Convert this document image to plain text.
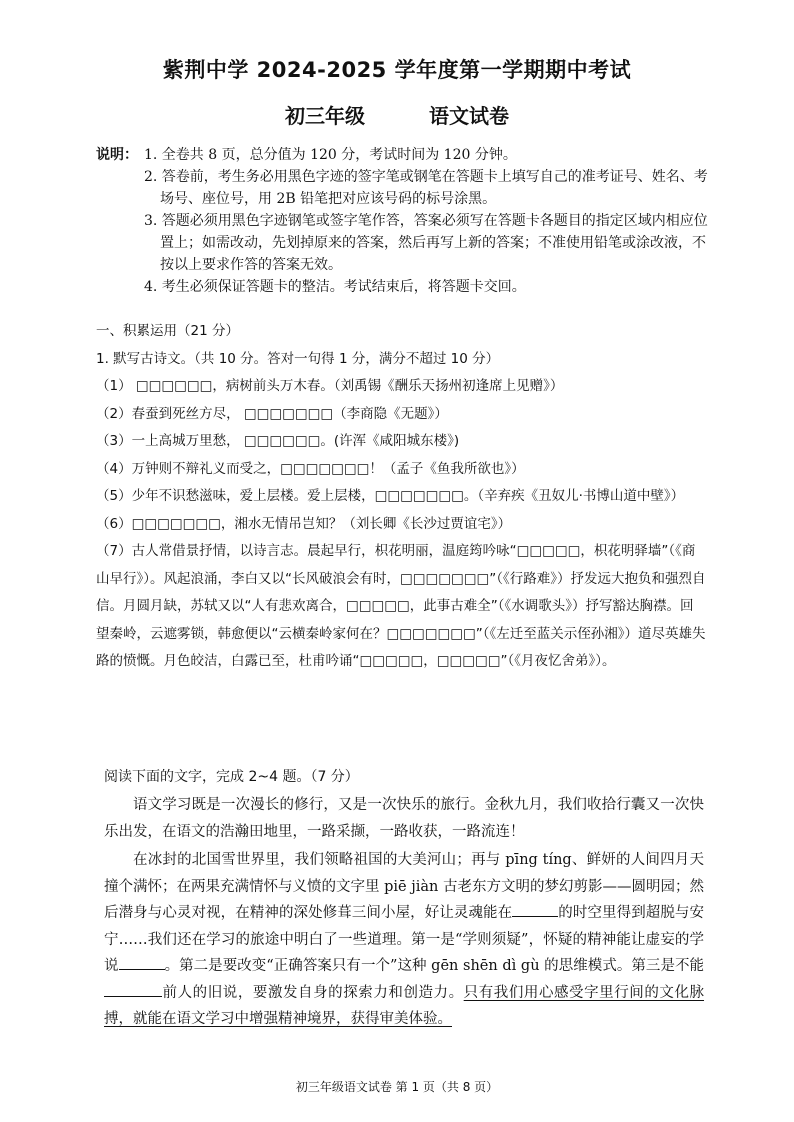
紫荆中学 2024-2025 学年度第一学期期中考试
初三年级	语文试卷
说明： 1. 全卷共 8 页，总分值为 120 分，考试时间为 120 分钟。
2. 答卷前，考生务必用黑色字迹的签字笔或钢笔在答题卡上填写自己的准考证号、姓名、考场号、座位号，用 2B 铅笔把对应该号码的标号涂黑。
3. 答题必须用黑色字迹钢笔或签字笔作答，答案必须写在答题卡各题目的指定区域内相应位置上；如需改动，先划掉原来的答案，然后再写上新的答案；不准使用铅笔或涂改液，不按以上要求作答的答案无效。
4. 考生必须保证答题卡的整洁。考试结束后，将答题卡交回。
一、积累运用（21 分）
1. 默写古诗文。（共 10 分。答对一句得 1 分，满分不超过 10 分）
（1） □□□□□□，病树前头万木春。（刘禹锡《酬乐天扬州初逢席上见赠》）
（2）春蚕到死丝方尽， □□□□□□□（李商隐《无题》）
（3）一上高城万里愁， □□□□□□。(许浑《咸阳城东楼》)
（4）万钟则不辩礼义而受之，□□□□□□□！（孟子《鱼我所欲也》）
（5）少年不识愁滋味，爱上层楼。爱上层楼，□□□□□□□。（辛弃疾《丑奴儿·书博山道中壁》）
（6）□□□□□□□，湘水无情吊岂知？（刘长卿《长沙过贾谊宅》）
（7）古人常借景抒情，以诗言志。晨起早行，枳花明丽，温庭筠吟咏“□□□□□，枳花明驿墙”（《商山早行》）。风起浪涌，李白又以“长风破浪会有时，□□□□□□□”（《行路难》）抒发远大抱负和强烈自信。月圆月缺，苏轼又以“人有悲欢离合，□□□□□，此事古难全”（《水调歌头》）抒写豁达胸襟。回望秦岭，云遮雾锁，韩愈便以“云横秦岭家何在？□□□□□□□”（《左迁至蓝关示侄孙湘》）道尽英雄失路的愤慨。月色皎洁，白露已至，杜甫吟诵“□□□□□，□□□□□”（《月夜忆舍弟》）。
阅读下面的文字，完成 2~4 题。（7 分）

语文学习既是一次漫长的修行，又是一次快乐的旅行。金秋九月，我们收拾行囊又一次快乐出发，在语文的浩瀚田地里，一路采撷，一路收获，一路流连！

在冰封的北国雪世界里，我们领略祖国的大美河山；再与 pīng tíng、鲜妍的人间四月天撞个满怀；在两果充满情怀与义愤的文字里 piē jiàn 古老东方文明的梦幻剪影——圆明园；然后潜身与心灵对视，在精神的深处修葺三间小屋，好让灵魂能在	的时空里得到超脱与安宁……我们还在学习的旅途中明白了一些道理。第一是“学则须疑”，怀疑的精神能让虚妄的学说	。第二是要改变“正确答案只有一个”这种 gēn shēn dì gù 的思维模式。第三是不能前人的旧说，要激发自身的探索力和创造力。只有我们用心感受字里行间的文化脉搏，就能在语文学习中增强精神境界，获得审美体验。

初三年级语文试卷 第 1 页（共 8 页）
